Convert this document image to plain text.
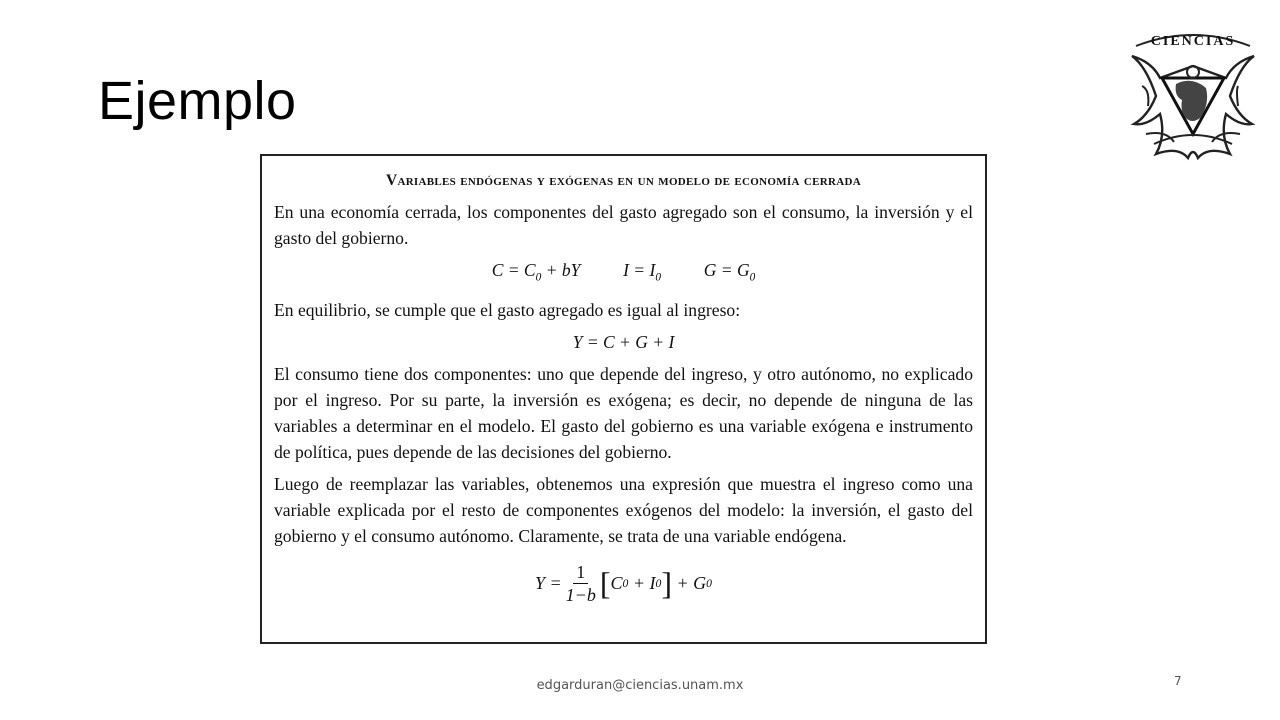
Ejemplo
CIENCIAS
Variables endógenas y exógenas en un modelo de economía cerrada
En una economía cerrada, los componentes del gasto agregado son el consumo, la inversión y el gasto del gobierno.
$C = C_0$ + bY $I = I_0$ $G = G_0$
En equilibrio, se cumple que el gasto agregado es igual al ingreso:
Y = C + G + I
El consumo tiene dos componentes: uno que depende del ingreso, y otro autónomo, no explicado por el ingreso. Por su parte, la inversión es exógena; es decir, no depende de ninguna de las variables a determinar en el modelo. El gasto del gobierno es una variable exógena e instrumento de política, pues depende de las decisiones del gobierno.
Luego de reemplazar las variables, obtenemos una expresión que muestra el ingreso como una variable explicada por el resto de componentes exógenos del modelo: la inversión, el gasto del gobierno y el consumo autónomo. Claramente, se trata de una variable endógena.
$Y = \frac{1}{1-b}$ [ C 0 + I 0 ] + G 0
edgarduran@ciencias.unam.mx	7
